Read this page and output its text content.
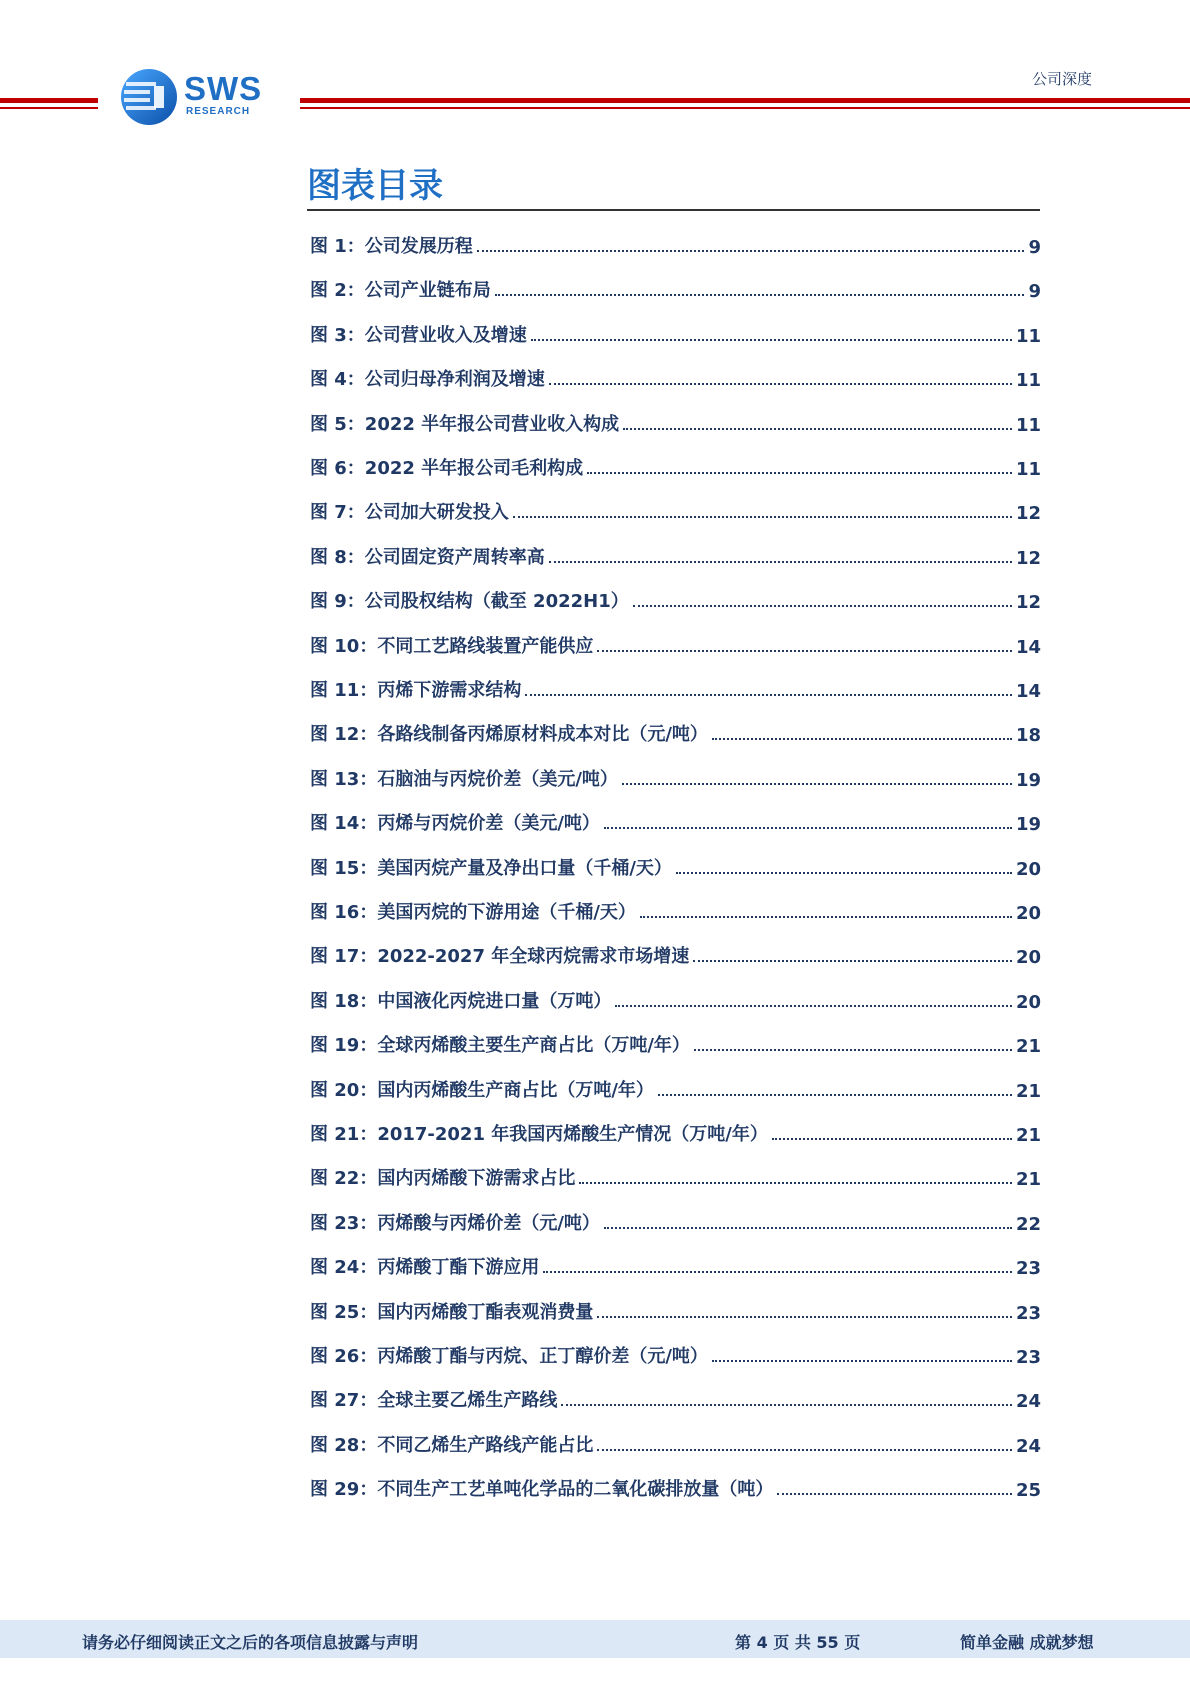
SWS
RESEARCH
公司深度
图表目录
图 1：公司发展历程	9
图 2：公司产业链布局	9
图 3：公司营业收入及增速	11
图 4：公司归母净利润及增速	11
图 5：2022 半年报公司营业收入构成	11
图 6：2022 半年报公司毛利构成	11
图 7：公司加大研发投入	12
图 8：公司固定资产周转率高	12
图 9：公司股权结构（截至 2022H1）	12
图 10：不同工艺路线装置产能供应	14
图 11：丙烯下游需求结构	14
图 12：各路线制备丙烯原材料成本对比（元/吨）	18
图 13：石脑油与丙烷价差（美元/吨）	19
图 14：丙烯与丙烷价差（美元/吨）	19
图 15：美国丙烷产量及净出口量（千桶/天）	20
图 16：美国丙烷的下游用途（千桶/天）	20
图 17：2022-2027 年全球丙烷需求市场增速	20
图 18：中国液化丙烷进口量（万吨）	20
图 19：全球丙烯酸主要生产商占比（万吨/年）	21
图 20：国内丙烯酸生产商占比（万吨/年）	21
图 21：2017-2021 年我国丙烯酸生产情况（万吨/年）	21
图 22：国内丙烯酸下游需求占比	21
图 23：丙烯酸与丙烯价差（元/吨）	22
图 24：丙烯酸丁酯下游应用	23
图 25：国内丙烯酸丁酯表观消费量	23
图 26：丙烯酸丁酯与丙烷、正丁醇价差（元/吨）	23
图 27：全球主要乙烯生产路线	24
图 28：不同乙烯生产路线产能占比	24
图 29：不同生产工艺单吨化学品的二氧化碳排放量（吨）	25
请务必仔细阅读正文之后的各项信息披露与声明	第 4 页 共 55 页	简单金融 成就梦想
